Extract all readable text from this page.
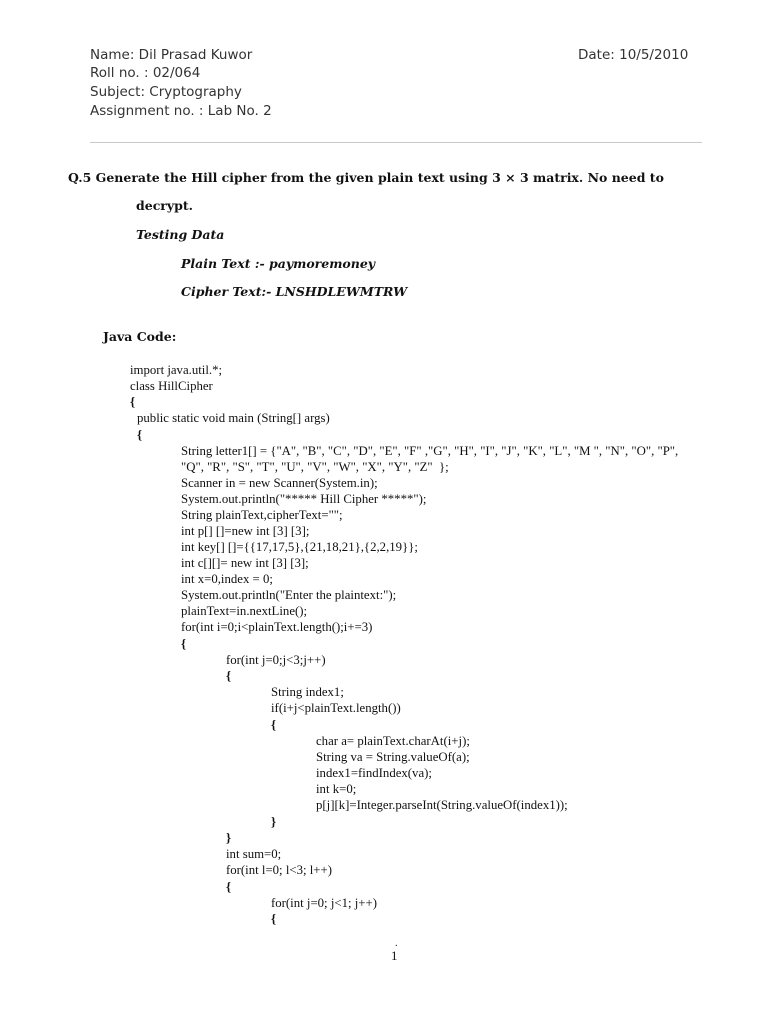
Name: Dil Prasad Kuwor
Roll no. : 02/064
Subject: Cryptography
Assignment no. : Lab No. 2
Date: 10/5/2010
Q.5 Generate the Hill cipher from the given plain text using 3 × 3 matrix. No need to
decrypt.
Testing Data
Plain Text :- paymoremoney
Cipher Text:- LNSHDLEWMTRW
Java Code:
import java.util.*;
class HillCipher
{
public static void main (String[] args)
{
String letter1[] = {"A", "B", "C", "D", "E", "F" ,"G", "H", "I", "J", "K", "L", "M ", "N", "O", "P",
"Q", "R", "S", "T", "U", "V", "W", "X", "Y", "Z"  };
Scanner in = new Scanner(System.in);
System.out.println("***** Hill Cipher *****");
String plainText,cipherText="";
int p[] []=new int [3] [3];
int key[] []={{17,17,5},{21,18,21},{2,2,19}};
int c[][]= new int [3] [3];
int x=0,index = 0;
System.out.println("Enter the plaintext:");
plainText=in.nextLine();
for(int i=0;i<plainText.length();i+=3)
{
for(int j=0;j<3;j++)
{
String index1;
if(i+j<plainText.length())
{
char a= plainText.charAt(i+j);
String va = String.valueOf(a);
index1=findIndex(va);
int k=0;
p[j][k]=Integer.parseInt(String.valueOf(index1));
}
}
int sum=0;
for(int l=0; l<3; l++)
{
for(int j=0; j<1; j++)
{
.
1
